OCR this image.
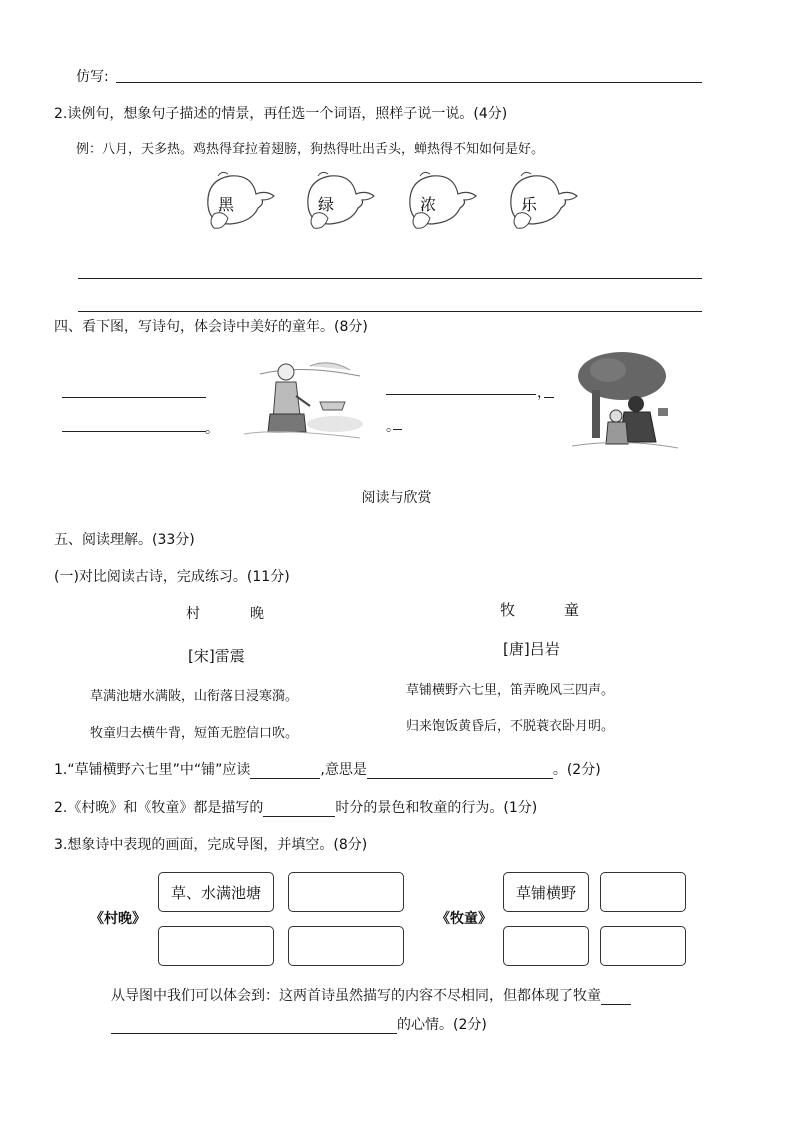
仿写:
2.读例句，想象句子描述的情景，再任选一个词语，照样子说一说。(4分)
例：八月，天多热。鸡热得耷拉着翅膀，狗热得吐出舌头，蝉热得不知如何是好。
黑	绿	浓	乐
四、看下图，写诗句，体会诗中美好的童年。(8分)
。
，
。
阅读与欣赏
五、阅读理解。(33分)
(一)对比阅读古诗，完成练习。(11分)
村	晚
[宋]雷震
草满池塘水满陂，山衔落日浸寒漪。
牧童归去横牛背，短笛无腔信口吹。
牧	童
[唐]吕岩
草铺横野六七里，笛弄晚风三四声。
归来饱饭黄昏后，不脱蓑衣卧月明。
1.“草铺横野六七里”中“铺”应读	,意思是	。(2分)
2.《村晚》和《牧童》都是描写的	时分的景色和牧童的行为。(1分)
3.想象诗中表现的画面，完成导图，并填空。(8分)
《村晚》
草、水满池塘
《牧童》
草铺横野
从导图中我们可以体会到：这两首诗虽然描写的内容不尽相同，但都体现了牧童
的心情。(2分)
